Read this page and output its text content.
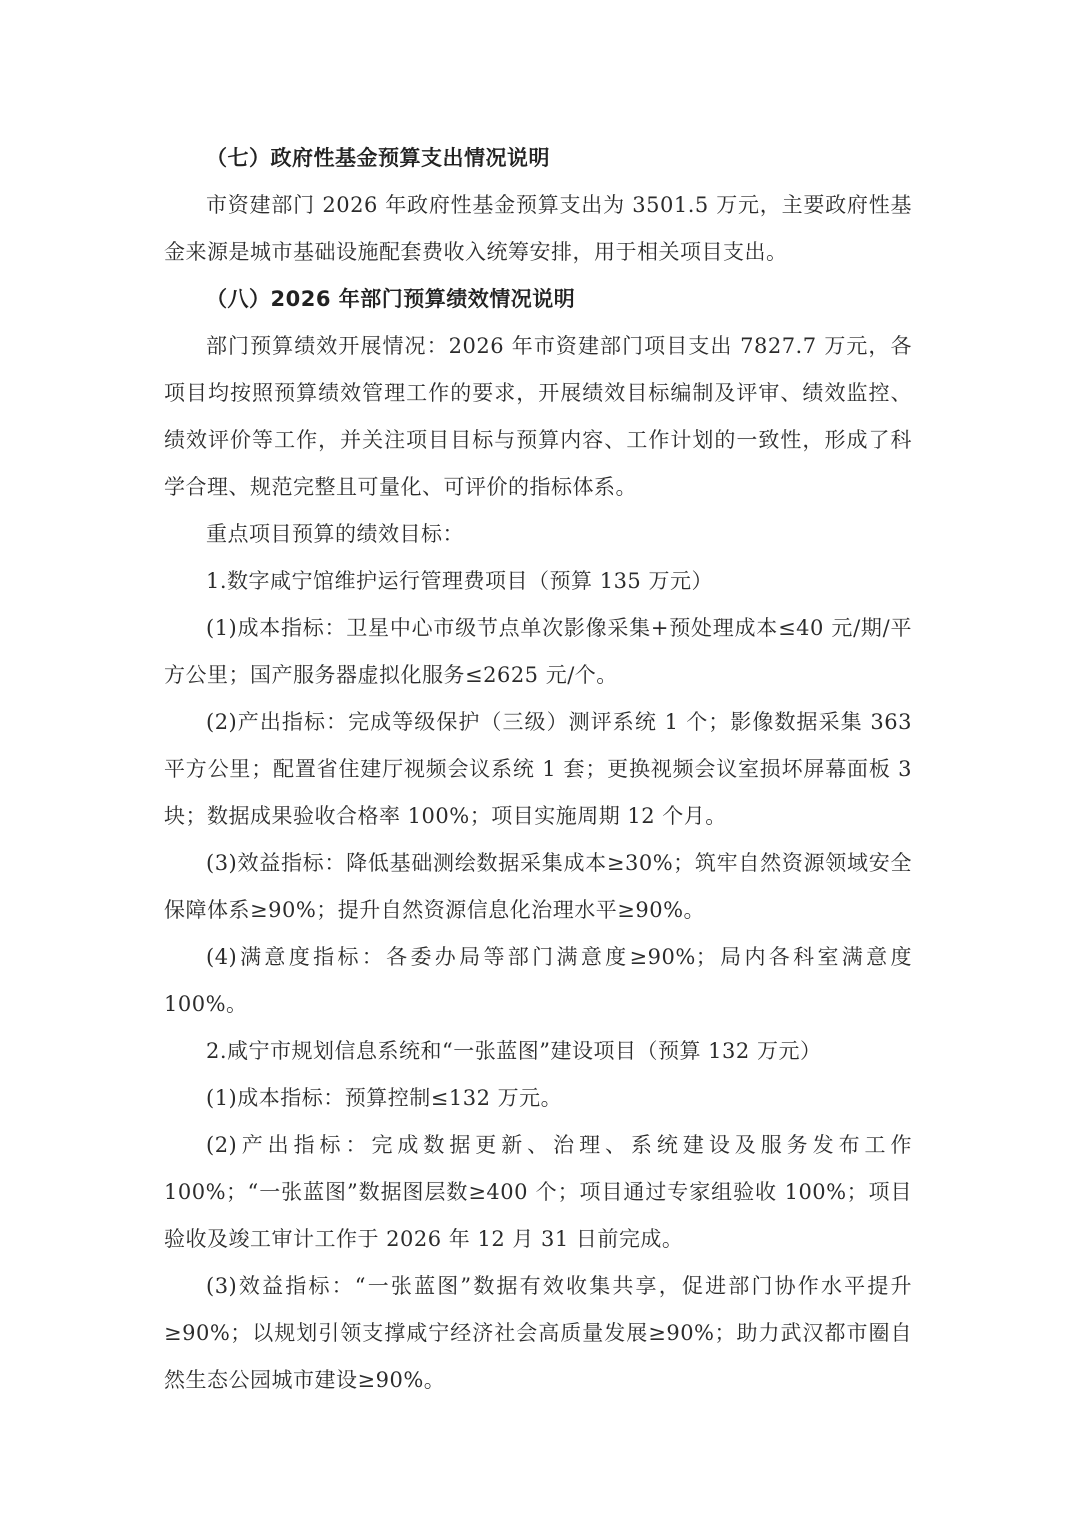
（七）政府性基金预算支出情况说明

市资建部门 2026 年政府性基金预算支出为 3501.5 万元，主要政府性基金来源是城市基础设施配套费收入统筹安排，用于相关项目支出。

（八）2026 年部门预算绩效情况说明

部门预算绩效开展情况：2026 年市资建部门项目支出 7827.7 万元，各项目均按照预算绩效管理工作的要求，开展绩效目标编制及评审、绩效监控、绩效评价等工作，并关注项目目标与预算内容、工作计划的一致性，形成了科学合理、规范完整且可量化、可评价的指标体系。

重点项目预算的绩效目标：

1.数字咸宁馆维护运行管理费项目（预算 135 万元）

(1)成本指标：卫星中心市级节点单次影像采集+预处理成本≤40 元/期/平方公里；国产服务器虚拟化服务≤2625 元/个。

(2)产出指标：完成等级保护（三级）测评系统 1 个；影像数据采集 363 平方公里；配置省住建厅视频会议系统 1 套；更换视频会议室损坏屏幕面板 3 块；数据成果验收合格率 100%；项目实施周期 12 个月。

(3)效益指标：降低基础测绘数据采集成本≥30%；筑牢自然资源领域安全保障体系≥90%；提升自然资源信息化治理水平≥90%。

(4)满意度指标：各委办局等部门满意度≥90%；局内各科室满意度 100%。

2.咸宁市规划信息系统和“一张蓝图”建设项目（预算 132 万元）

(1)成本指标：预算控制≤132 万元。

(2)产出指标：完成数据更新、治理、系统建设及服务发布工作 100%；“一张蓝图”数据图层数≥400 个；项目通过专家组验收 100%；项目验收及竣工审计工作于 2026 年 12 月 31 日前完成。

(3)效益指标：“一张蓝图”数据有效收集共享，促进部门协作水平提升≥90%；以规划引领支撑咸宁经济社会高质量发展≥90%；助力武汉都市圈自然生态公园城市建设≥90%。
